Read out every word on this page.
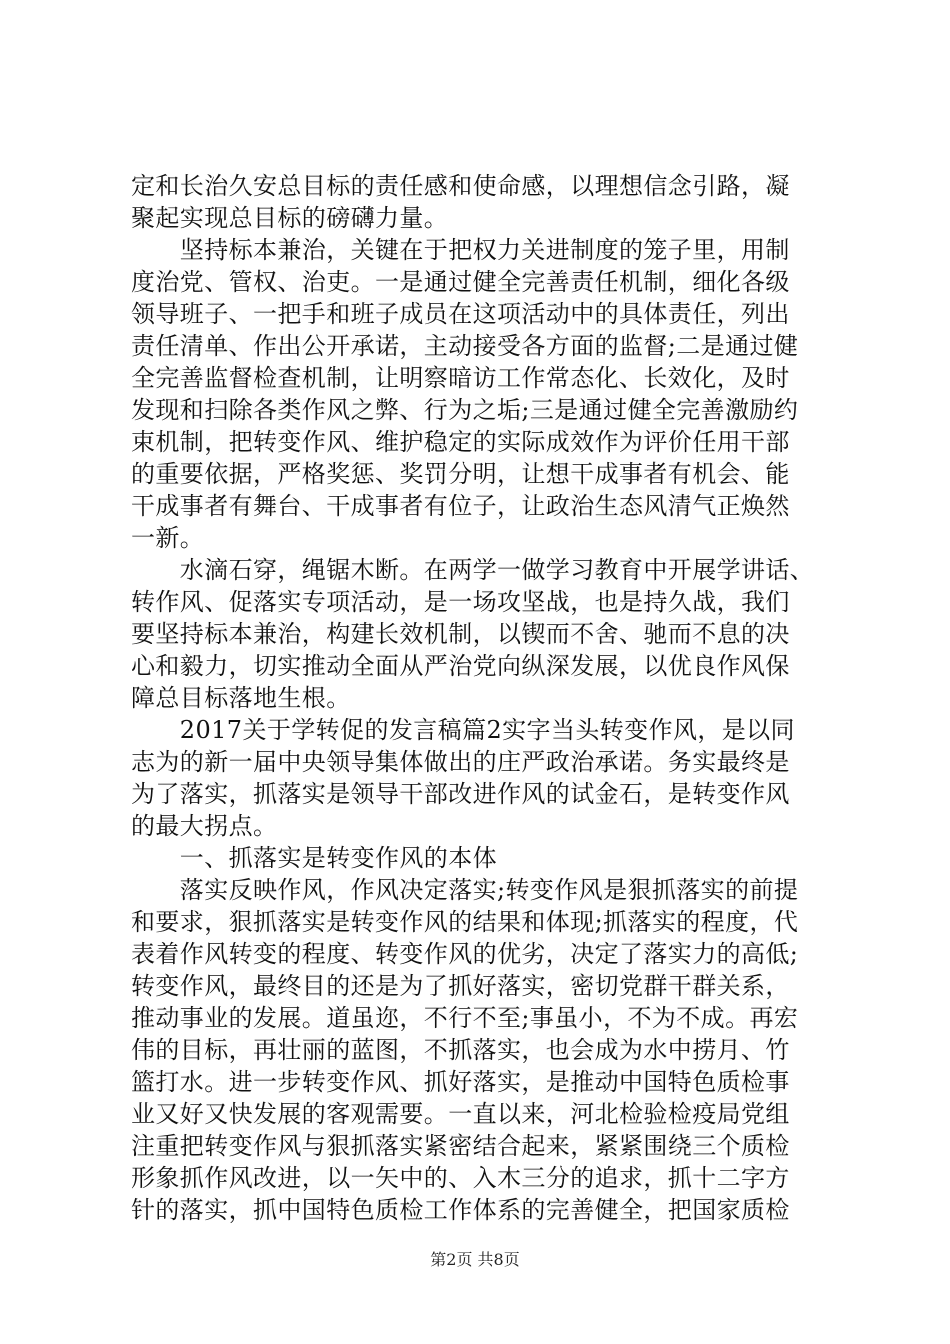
定和长治久安总目标的责任感和使命感，以理想信念引路，凝
聚起实现总目标的磅礴力量。
　　坚持标本兼治，关键在于把权力关进制度的笼子里，用制
度治党、管权、治吏。一是通过健全完善责任机制，细化各级
领导班子、一把手和班子成员在这项活动中的具体责任，列出
责任清单、作出公开承诺，主动接受各方面的监督;二是通过健
全完善监督检查机制，让明察暗访工作常态化、长效化，及时
发现和扫除各类作风之弊、行为之垢;三是通过健全完善激励约
束机制，把转变作风、维护稳定的实际成效作为评价任用干部
的重要依据，严格奖惩、奖罚分明，让想干成事者有机会、能
干成事者有舞台、干成事者有位子，让政治生态风清气正焕然
一新。
　　水滴石穿，绳锯木断。在两学一做学习教育中开展学讲话、
转作风、促落实专项活动，是一场攻坚战，也是持久战，我们
要坚持标本兼治，构建长效机制，以锲而不舍、驰而不息的决
心和毅力，切实推动全面从严治党向纵深发展，以优良作风保
障总目标落地生根。
　　2017关于学转促的发言稿篇2实字当头转变作风，是以同
志为的新一届中央领导集体做出的庄严政治承诺。务实最终是
为了落实，抓落实是领导干部改进作风的试金石，是转变作风
的最大拐点。
　　一、抓落实是转变作风的本体
　　落实反映作风，作风决定落实;转变作风是狠抓落实的前提
和要求，狠抓落实是转变作风的结果和体现;抓落实的程度，代
表着作风转变的程度、转变作风的优劣，决定了落实力的高低;
转变作风，最终目的还是为了抓好落实，密切党群干群关系，
推动事业的发展。道虽迩，不行不至;事虽小，不为不成。再宏
伟的目标，再壮丽的蓝图，不抓落实，也会成为水中捞月、竹
篮打水。进一步转变作风、抓好落实，是推动中国特色质检事
业又好又快发展的客观需要。一直以来，河北检验检疫局党组
注重把转变作风与狠抓落实紧密结合起来，紧紧围绕三个质检
形象抓作风改进，以一矢中的、入木三分的追求，抓十二字方
针的落实，抓中国特色质检工作体系的完善健全，把国家质检
第2页 共8页
